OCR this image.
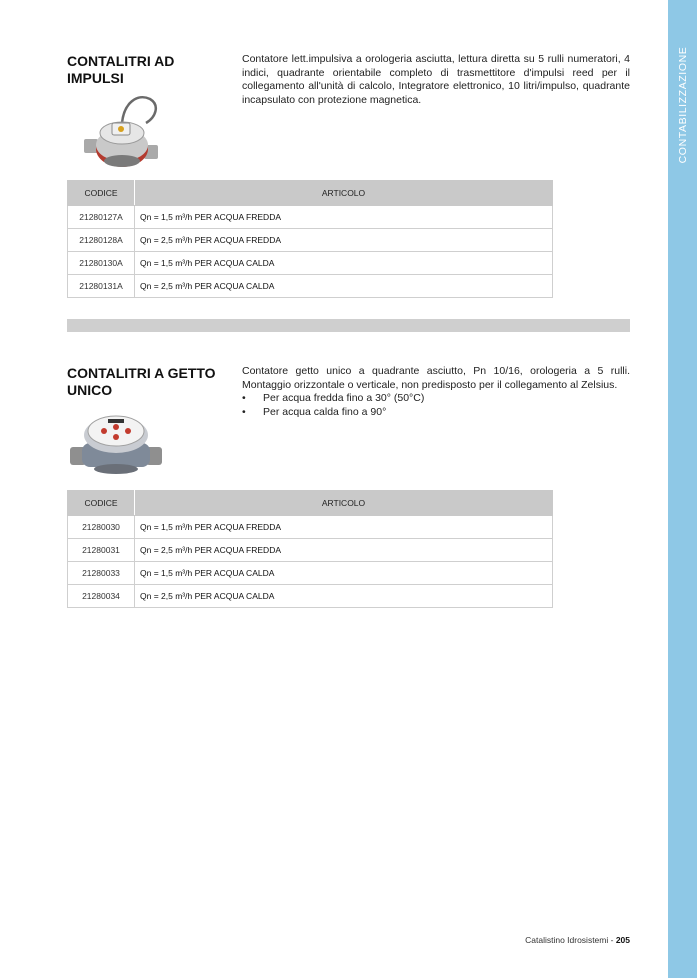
CONTABILIZZAZIONE
CONTALITRI AD IMPULSI
Contatore lett.impulsiva a orologeria asciutta, lettura diretta su 5 rulli numeratori, 4 indici, quadrante orientabile completo di trasmettitore d'impulsi reed per il collegamento all'unità di calcolo, Integratore elettronico, 10 litri/impulso, quadrante incapsulato con protezione magnetica.
CODICE	ARTICOLO
21280127A	Qn = 1,5 m³/h PER ACQUA FREDDA
21280128A	Qn = 2,5 m³/h PER ACQUA FREDDA
21280130A	Qn = 1,5 m³/h PER ACQUA CALDA
21280131A	Qn = 2,5 m³/h PER ACQUA CALDA
CONTALITRI A GETTO UNICO
Contatore getto unico a quadrante asciutto, Pn 10/16, orologeria a 5 rulli. Montaggio orizzontale o verticale, non predisposto per il collegamento al Zelsius.
• Per acqua fredda fino a 30° (50°C)
• Per acqua calda fino a 90°
CODICE	ARTICOLO
21280030	Qn = 1,5 m³/h PER ACQUA FREDDA
21280031	Qn = 2,5 m³/h PER ACQUA FREDDA
21280033	Qn = 1,5 m³/h PER ACQUA CALDA
21280034	Qn = 2,5 m³/h PER ACQUA CALDA
Catalistino Idrosistemi - 205
